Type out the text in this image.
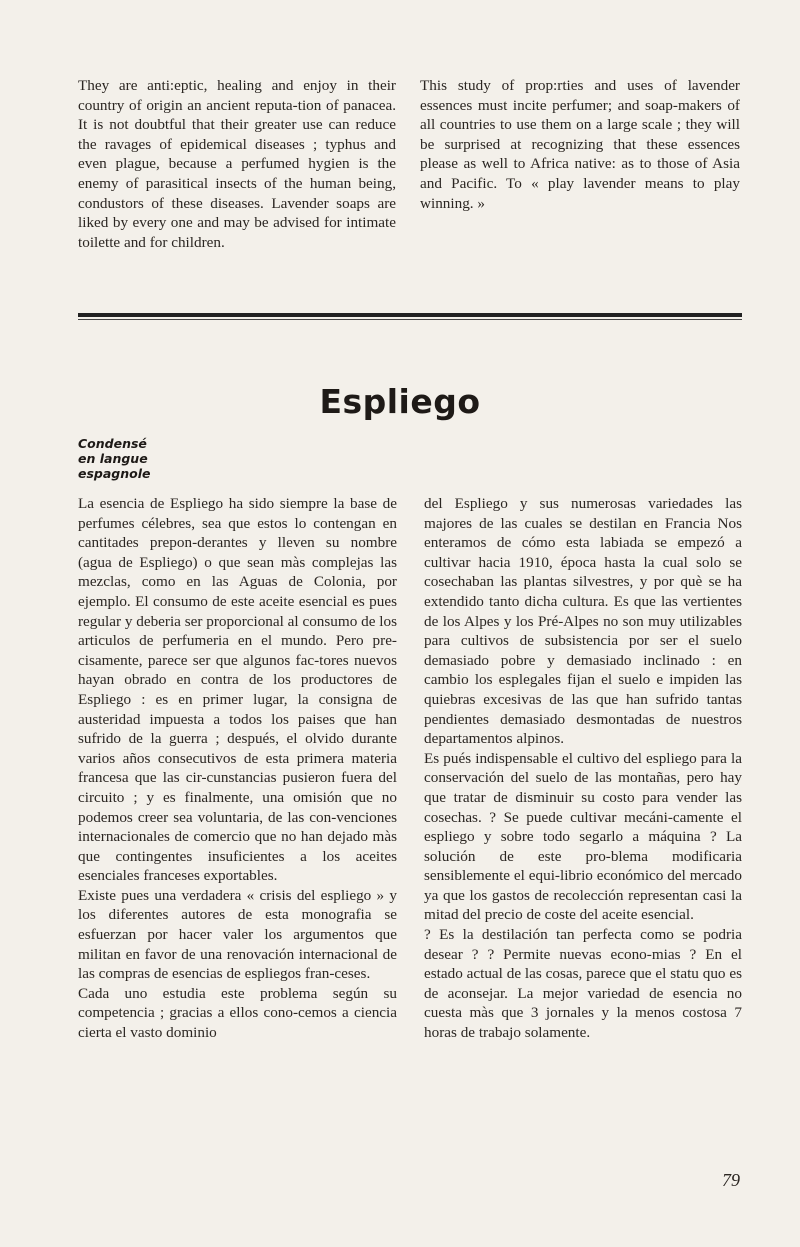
They are anti:eptic, healing and enjoy in their country of origin an ancient reputa-tion of panacea. It is not doubtful that their greater use can reduce the ravages of epidemical diseases ; typhus and even plague, because a perfumed hygien is the enemy of parasitical insects of the human being, condustors of these diseases. Lavender soaps are liked by every one and may be advised for intimate toilette and for children.

This study of prop:rties and uses of lavender essences must incite perfumer; and soap-makers of all countries to use them on a large scale ; they will be surprised at recognizing that these essences please as well to Africa native: as to those of Asia and Pacific. To « play lavender means to play winning. »

Espliego
Condensé
en langue
espagnole

La esencia de Espliego ha sido siempre la base de perfumes célebres, sea que estos lo contengan en cantitades prepon-derantes y lleven su nombre (agua de Espliego) o que sean màs complejas las mezclas, como en las Aguas de Colonia, por ejemplo. El consumo de este aceite esencial es pues regular y deberia ser proporcional al consumo de los articulos de perfumeria en el mundo. Pero pre-cisamente, parece ser que algunos fac-tores nuevos hayan obrado en contra de los productores de Espliego : es en primer lugar, la consigna de austeridad impuesta a todos los paises que han sufrido de la guerra ; después, el olvido durante varios años consecutivos de esta primera materia francesa que las cir-cunstancias pusieron fuera del circuito ; y es finalmente, una omisión que no podemos creer sea voluntaria, de las con-venciones internacionales de comercio que no han dejado màs que contingentes insuficientes a los aceites esenciales franceses exportables.

Existe pues una verdadera « crisis del espliego » y los diferentes autores de esta monografia se esfuerzan por hacer valer los argumentos que militan en favor de una renovación internacional de las compras de esencias de espliegos fran-ceses.

Cada uno estudia este problema según su competencia ; gracias a ellos cono-cemos a ciencia cierta el vasto dominio

del Espliego y sus numerosas variedades las majores de las cuales se destilan en Francia Nos enteramos de cómo esta labiada se empezó a cultivar hacia 1910, época hasta la cual solo se cosechaban las plantas silvestres, y por què se ha extendido tanto dicha cultura. Es que las vertientes de los Alpes y los Pré-Alpes no son muy utilizables para cultivos de subsistencia por ser el suelo demasiado pobre y demasiado inclinado : en cambio los esplegales fijan el suelo e impiden las quiebras excesivas de las que han sufrido tantas pendientes demasiado desmontadas de nuestros departamentos alpinos.

Es pués indispensable el cultivo del espliego para la conservación del suelo de las montañas, pero hay que tratar de disminuir su costo para vender las cosechas. ? Se puede cultivar mecáni-camente el espliego y sobre todo segarlo a máquina ? La solución de este pro-blema modificaria sensiblemente el equi-librio económico del mercado ya que los gastos de recolección representan casi la mitad del precio de coste del aceite esencial.

? Es la destilación tan perfecta como se podria desear ? ? Permite nuevas econo-mias ? En el estado actual de las cosas, parece que el statu quo es de aconsejar. La mejor variedad de esencia no cuesta màs que 3 jornales y la menos costosa 7 horas de trabajo solamente.

79
